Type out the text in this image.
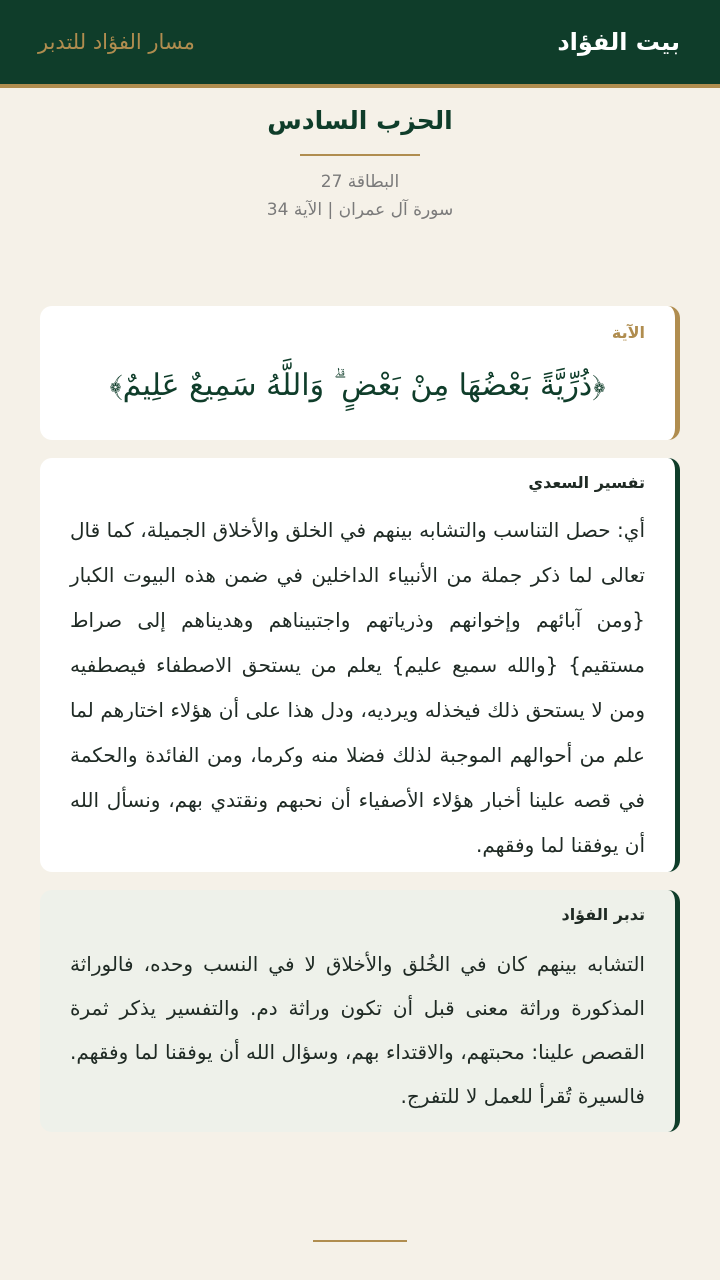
بيت الفؤاد
مسار الفؤاد للتدبر
الحزب السادس
البطاقة 27
سورة آل عمران | الآية 34
الآية
﴿ذُرِّيَّةً بَعْضُهَا مِنْ بَعْضٍ ۗ وَاللَّهُ سَمِيعٌ عَلِيمٌ﴾
تفسير السعدي
أي: حصل التناسب والتشابه بينهم في الخلق والأخلاق الجميلة، كما قال تعالى لما ذكر جملة من الأنبياء الداخلين في ضمن هذه البيوت الكبار {ومن آبائهم وإخوانهم وذرياتهم واجتبيناهم وهديناهم إلى صراط مستقيم} {والله سميع عليم} يعلم من يستحق الاصطفاء فيصطفيه ومن لا يستحق ذلك فيخذله ويرديه، ودل هذا على أن هؤلاء اختارهم لما علم من أحوالهم الموجبة لذلك فضلا منه وكرما، ومن الفائدة والحكمة في قصه علينا أخبار هؤلاء الأصفياء أن نحبهم ونقتدي بهم، ونسأل الله أن يوفقنا لما وفقهم.
تدبر الفؤاد
التشابه بينهم كان في الخُلق والأخلاق لا في النسب وحده، فالوراثة المذكورة وراثة معنى قبل أن تكون وراثة دم. والتفسير يذكر ثمرة القصص علينا: محبتهم، والاقتداء بهم، وسؤال الله أن يوفقنا لما وفقهم. فالسيرة تُقرأ للعمل لا للتفرج.
